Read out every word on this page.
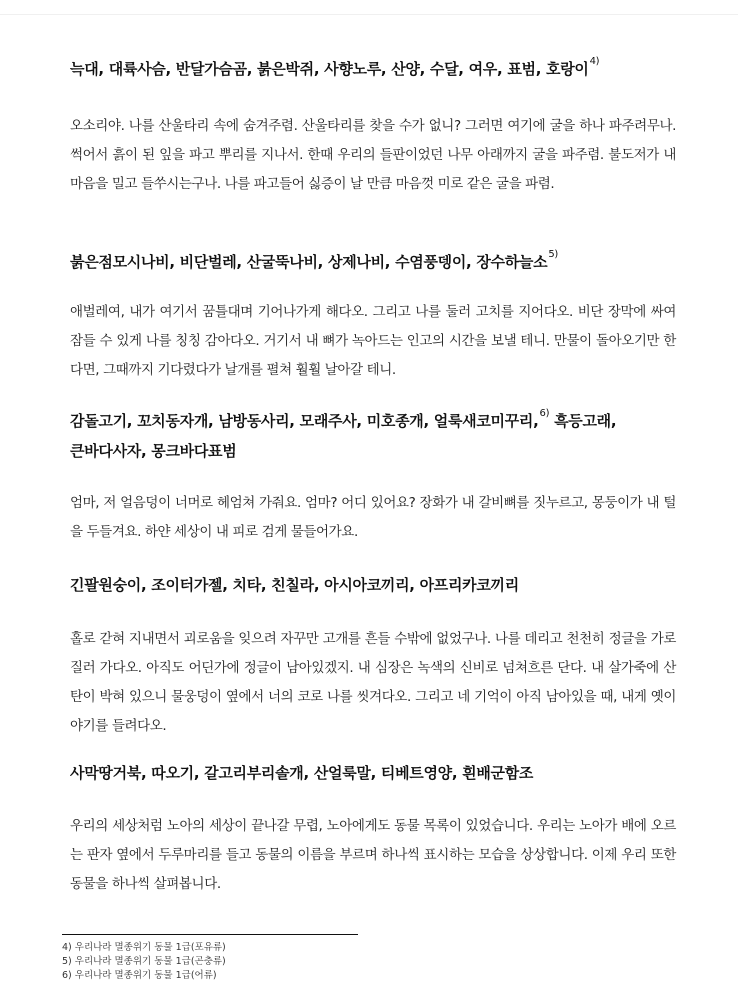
늑대, 대륙사슴, 반달가슴곰, 붉은박쥐, 사향노루, 산양, 수달, 여우, 표범, 호랑이$^{4)}$
오소리야. 나를 산울타리 속에 숨겨주렴. 산울타리를 찾을 수가 없니? 그러면 여기에 굴을 하나 파주려무나. 썩어서 흙이 된 잎을 파고 뿌리를 지나서. 한때 우리의 들판이었던 나무 아래까지 굴을 파주렴. 불도저가 내 마음을 밀고 들쑤시는구나. 나를 파고들어 싫증이 날 만큼 마음껏 미로 같은 굴을 파렴.
붉은점모시나비, 비단벌레, 산굴뚝나비, 상제나비, 수염풍뎅이, 장수하늘소$^{5)}$
애벌레여, 내가 여기서 꿈틀대며 기어나가게 해다오. 그리고 나를 둘러 고치를 지어다오. 비단 장막에 싸여 잠들 수 있게 나를 칭칭 감아다오. 거기서 내 뼈가 녹아드는 인고의 시간을 보낼 테니. 만물이 돌아오기만 한다면, 그때까지 기다렸다가 날개를 펼쳐 훨훨 날아갈 테니.
감돌고기, 꼬치동자개, 남방동사리, 모래주사, 미호종개, 얼룩새코미꾸리,$^{6)}$ 흑등고래,
큰바다사자, 몽크바다표범
엄마, 저 얼음덩이 너머로 헤엄쳐 가줘요. 엄마? 어디 있어요? 장화가 내 갈비뼈를 짓누르고, 몽둥이가 내 털을 두들겨요. 하얀 세상이 내 피로 검게 물들어가요.
긴팔원숭이, 조이터가젤, 치타, 친칠라, 아시아코끼리, 아프리카코끼리
홀로 갇혀 지내면서 괴로움을 잊으려 자꾸만 고개를 흔들 수밖에 없었구나. 나를 데리고 천천히 정글을 가로질러 가다오. 아직도 어딘가에 정글이 남아있겠지. 내 심장은 녹색의 신비로 넘쳐흐른 단다. 내 살가죽에 산탄이 박혀 있으니 물웅덩이 옆에서 너의 코로 나를 씻겨다오. 그리고 네 기억이 아직 남아있을 때, 내게 옛이야기를 들려다오.
사막땅거북, 따오기, 갈고리부리솔개, 산얼룩말, 티베트영양, 흰배군함조
우리의 세상처럼 노아의 세상이 끝나갈 무렵, 노아에게도 동물 목록이 있었습니다. 우리는 노아가 배에 오르는 판자 옆에서 두루마리를 들고 동물의 이름을 부르며 하나씩 표시하는 모습을 상상합니다. 이제 우리 또한 동물을 하나씩 살펴봅니다.
4) 우리나라 멸종위기 동물 1급(포유류)
5) 우리나라 멸종위기 동물 1급(곤충류)
6) 우리나라 멸종위기 동물 1급(어류)
